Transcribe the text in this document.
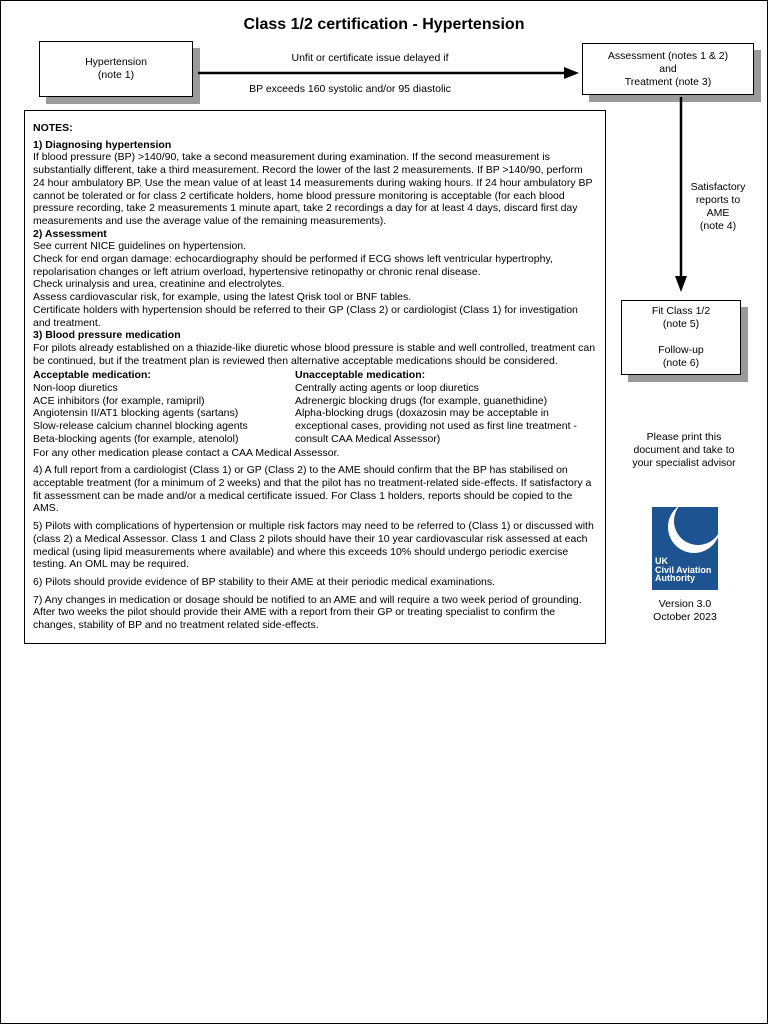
Class 1/2 certification - Hypertension
Hypertension
(note 1)
Unfit or certificate issue delayed if
BP exceeds 160 systolic and/or 95 diastolic
Assessment (notes 1 & 2)
and
Treatment (note 3)
Satisfactory
reports to
AME
(note 4)
Fit Class 1/2
(note 5)
Follow-up
(note 6)

NOTES:

1) Diagnosing hypertension

If blood pressure (BP) >140/90, take a second measurement during examination. If the second measurement is substantially different, take a third measurement. Record the lower of the last 2 measurements. If BP >140/90, perform 24 hour ambulatory BP. Use the mean value of at least 14 measurements during waking hours. If 24 hour ambulatory BP cannot be tolerated or for class 2 certificate holders, home blood pressure monitoring is acceptable (for each blood pressure recording, take 2 measurements 1 minute apart, take 2 recordings a day for at least 4 days, discard first day measurements and use the average value of the remaining measurements).

2) Assessment

See current NICE guidelines on hypertension.

Check for end organ damage: echocardiography should be performed if ECG shows left ventricular hypertrophy, repolarisation changes or left atrium overload, hypertensive retinopathy or chronic renal disease.

Check urinalysis and urea, creatinine and electrolytes.

Assess cardiovascular risk, for example, using the latest Qrisk tool or BNF tables.

Certificate holders with hypertension should be referred to their GP (Class 2) or cardiologist (Class 1) for investigation and treatment.

3) Blood pressure medication

For pilots already established on a thiazide-like diuretic whose blood pressure is stable and well controlled, treatment can be continued, but if the treatment plan is reviewed then alternative acceptable medications should be considered.

Acceptable medication:

Non-loop diuretics

ACE inhibitors (for example, ramipril)

Angiotensin II/AT1 blocking agents (sartans)

Slow-release calcium channel blocking agents

Beta-blocking agents (for example, atenolol)

Unacceptable medication:

Centrally acting agents or loop diuretics

Adrenergic blocking drugs (for example, guanethidine)

Alpha-blocking drugs (doxazosin may be acceptable in exceptional cases, providing not used as first line treatment - consult CAA Medical Assessor)

For any other medication please contact a CAA Medical Assessor.

4) A full report from a cardiologist (Class 1) or GP (Class 2) to the AME should confirm that the BP has stabilised on acceptable treatment (for a minimum of 2 weeks) and that the pilot has no treatment-related side-effects. If satisfactory a fit assessment can be made and/or a medical certificate issued. For Class 1 holders, reports should be copied to the AMS.

5) Pilots with complications of hypertension or multiple risk factors may need to be referred to (Class 1) or discussed with (class 2) a Medical Assessor. Class 1 and Class 2 pilots should have their 10 year cardiovascular risk assessed at each medical (using lipid measurements where available) and where this exceeds 10% should undergo periodic exercise testing. An OML may be required.

6) Pilots should provide evidence of BP stability to their AME at their periodic medical examinations.

7) Any changes in medication or dosage should be notified to an AME and will require a two week period of grounding. After two weeks the pilot should provide their AME with a report from their GP or treating specialist to confirm the changes, stability of BP and no treatment related side-effects.

Please print this
document and take to
your specialist advisor
UK
Civil Aviation
Authority
Version 3.0
October 2023
